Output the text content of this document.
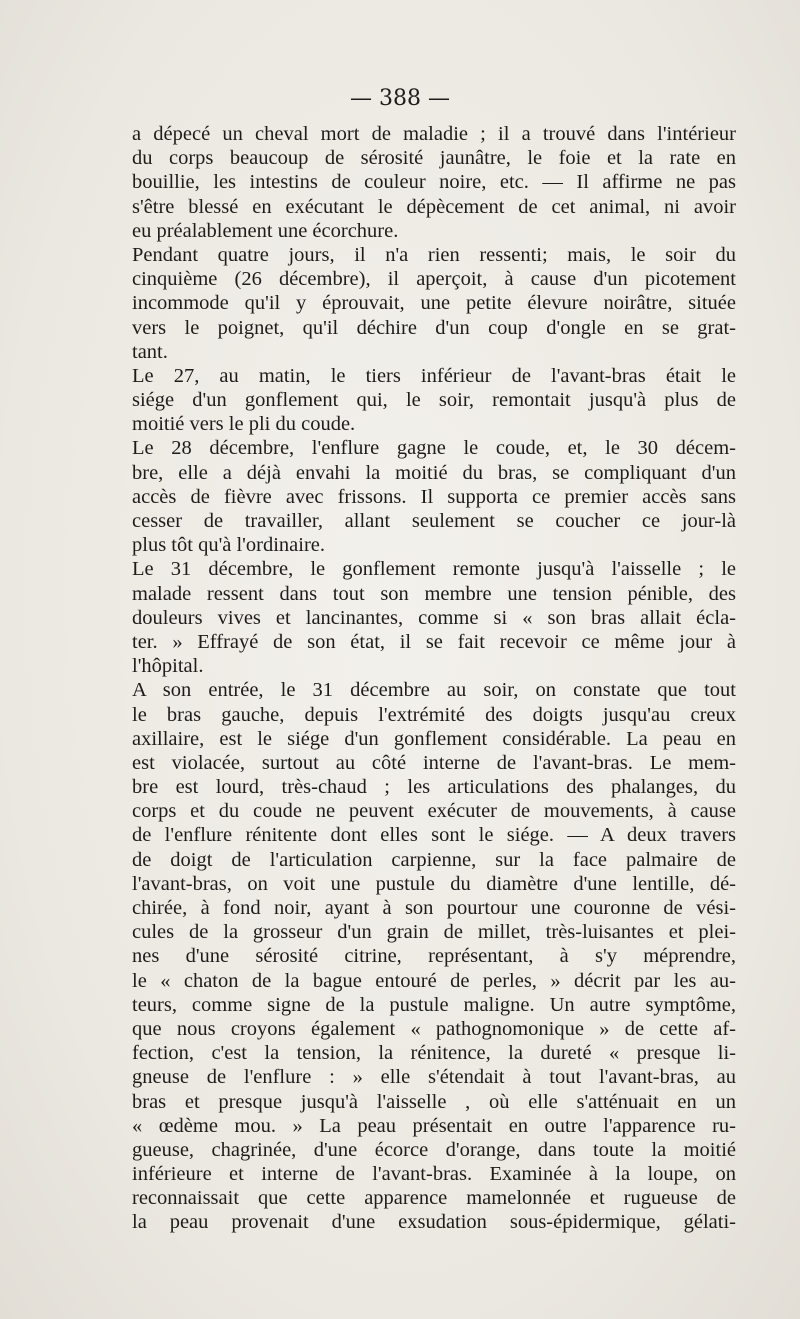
— 388 —
a dépecé un cheval mort de maladie ; il a trouvé dans l'intérieur
du corps beaucoup de sérosité jaunâtre, le foie et la rate en
bouillie, les intestins de couleur noire, etc. — Il affirme ne pas
s'être blessé en exécutant le dépècement de cet animal, ni avoir
eu préalablement une écorchure.
Pendant quatre jours, il n'a rien ressenti; mais, le soir du
cinquième (26 décembre), il aperçoit, à cause d'un picotement
incommode qu'il y éprouvait, une petite élevure noirâtre, située
vers le poignet, qu'il déchire d'un coup d'ongle en se grat-
tant.
Le 27, au matin, le tiers inférieur de l'avant-bras était le
siége d'un gonflement qui, le soir, remontait jusqu'à plus de
moitié vers le pli du coude.
Le 28 décembre, l'enflure gagne le coude, et, le 30 décem-
bre, elle a déjà envahi la moitié du bras, se compliquant d'un
accès de fièvre avec frissons. Il supporta ce premier accès sans
cesser de travailler, allant seulement se coucher ce jour-là
plus tôt qu'à l'ordinaire.
Le 31 décembre, le gonflement remonte jusqu'à l'aisselle ; le
malade ressent dans tout son membre une tension pénible, des
douleurs vives et lancinantes, comme si « son bras allait écla-
ter. » Effrayé de son état, il se fait recevoir ce même jour à
l'hôpital.
A son entrée, le 31 décembre au soir, on constate que tout
le bras gauche, depuis l'extrémité des doigts jusqu'au creux
axillaire, est le siége d'un gonflement considérable. La peau en
est violacée, surtout au côté interne de l'avant-bras. Le mem-
bre est lourd, très-chaud ; les articulations des phalanges, du
corps et du coude ne peuvent exécuter de mouvements, à cause
de l'enflure rénitente dont elles sont le siége. — A deux travers
de doigt de l'articulation carpienne, sur la face palmaire de
l'avant-bras, on voit une pustule du diamètre d'une lentille, dé-
chirée, à fond noir, ayant à son pourtour une couronne de vési-
cules de la grosseur d'un grain de millet, très-luisantes et plei-
nes d'une sérosité citrine, représentant, à s'y méprendre,
le « chaton de la bague entouré de perles, » décrit par les au-
teurs, comme signe de la pustule maligne. Un autre symptôme,
que nous croyons également « pathognomonique » de cette af-
fection, c'est la tension, la rénitence, la dureté « presque li-
gneuse de l'enflure : » elle s'étendait à tout l'avant-bras, au
bras et presque jusqu'à l'aisselle , où elle s'atténuait en un
« œdème mou. » La peau présentait en outre l'apparence ru-
gueuse, chagrinée, d'une écorce d'orange, dans toute la moitié
inférieure et interne de l'avant-bras. Examinée à la loupe, on
reconnaissait que cette apparence mamelonnée et rugueuse de
la peau provenait d'une exsudation sous-épidermique, gélati-
